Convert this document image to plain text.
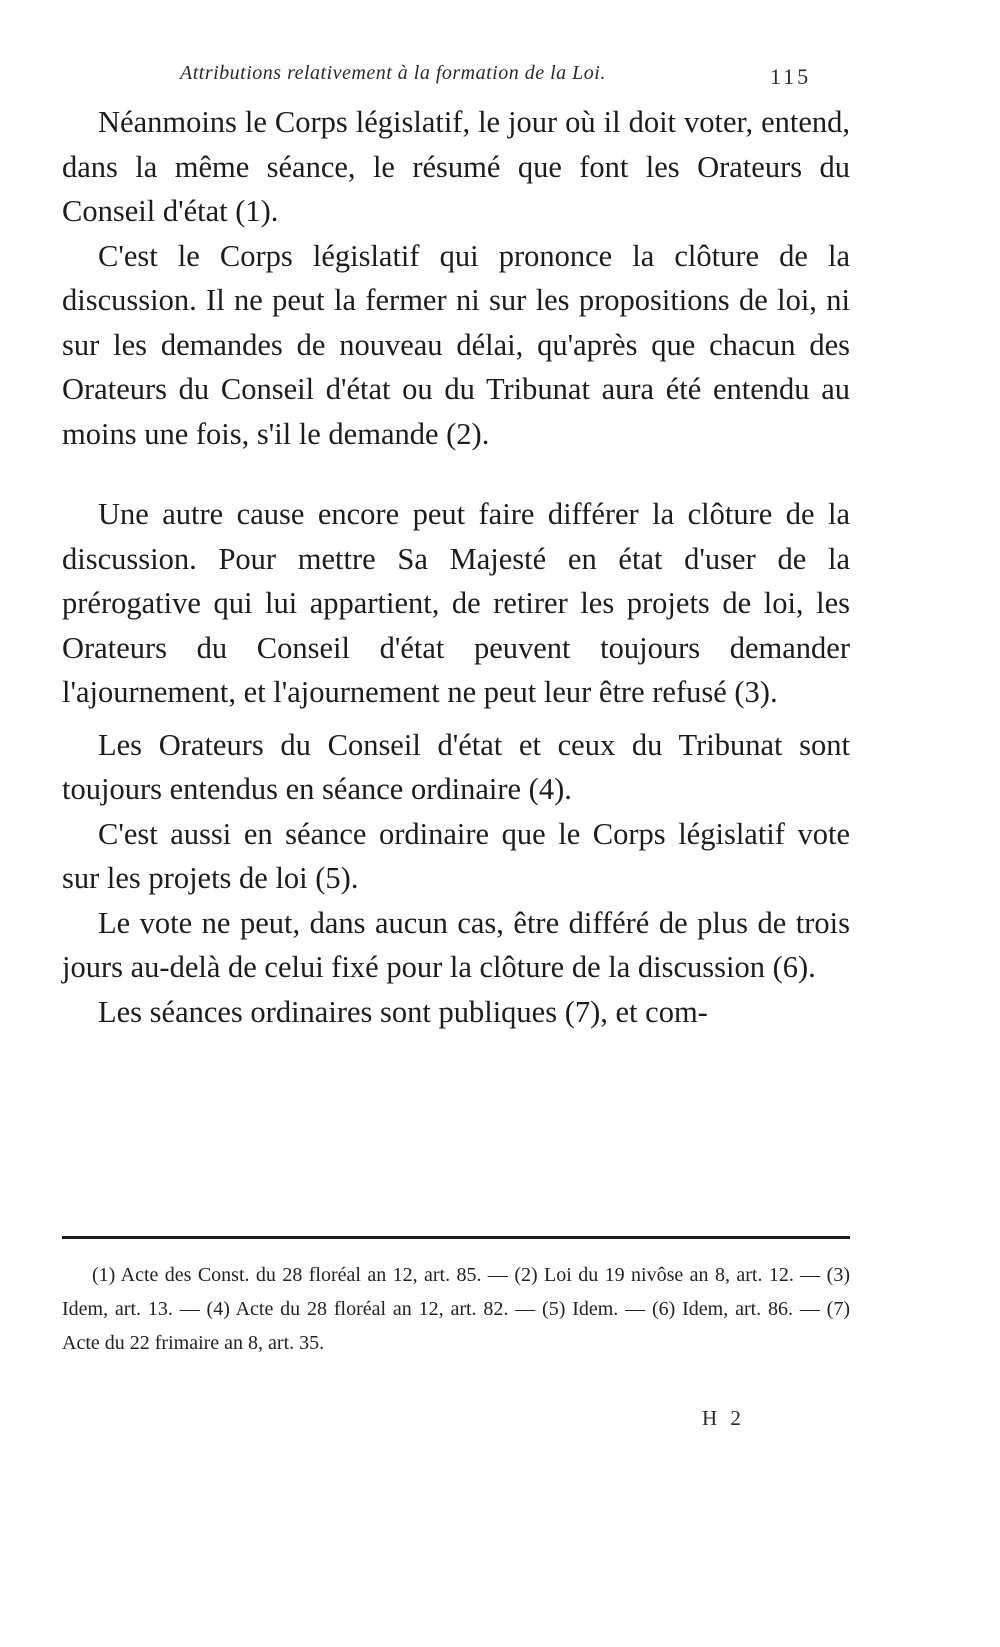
Attributions relativement à la formation de la Loi.	115

Néanmoins le Corps législatif, le jour où il doit voter, entend, dans la même séance, le résumé que font les Orateurs du Conseil d'état (1).

C'est le Corps législatif qui prononce la clôture de la discussion. Il ne peut la fermer ni sur les propositions de loi, ni sur les demandes de nouveau délai, qu'après que chacun des Orateurs du Conseil d'état ou du Tribunat aura été entendu au moins une fois, s'il le demande (2).

Une autre cause encore peut faire différer la clôture de la discussion. Pour mettre Sa Majesté en état d'user de la prérogative qui lui appartient, de retirer les projets de loi, les Orateurs du Conseil d'état peuvent toujours demander l'ajournement, et l'ajournement ne peut leur être refusé (3).

Les Orateurs du Conseil d'état et ceux du Tribunat sont toujours entendus en séance ordinaire (4).

C'est aussi en séance ordinaire que le Corps législatif vote sur les projets de loi (5).

Le vote ne peut, dans aucun cas, être différé de plus de trois jours au-delà de celui fixé pour la clôture de la discussion (6).

Les séances ordinaires sont publiques (7), et com-

(1) Acte des Const. du 28 floréal an 12, art. 85. — (2) Loi du 19 nivôse an 8, art. 12. — (3) Idem, art. 13. — (4) Acte du 28 floréal an 12, art. 82. — (5) Idem. — (6) Idem, art. 86. — (7) Acte du 22 frimaire an 8, art. 35.
H 2
